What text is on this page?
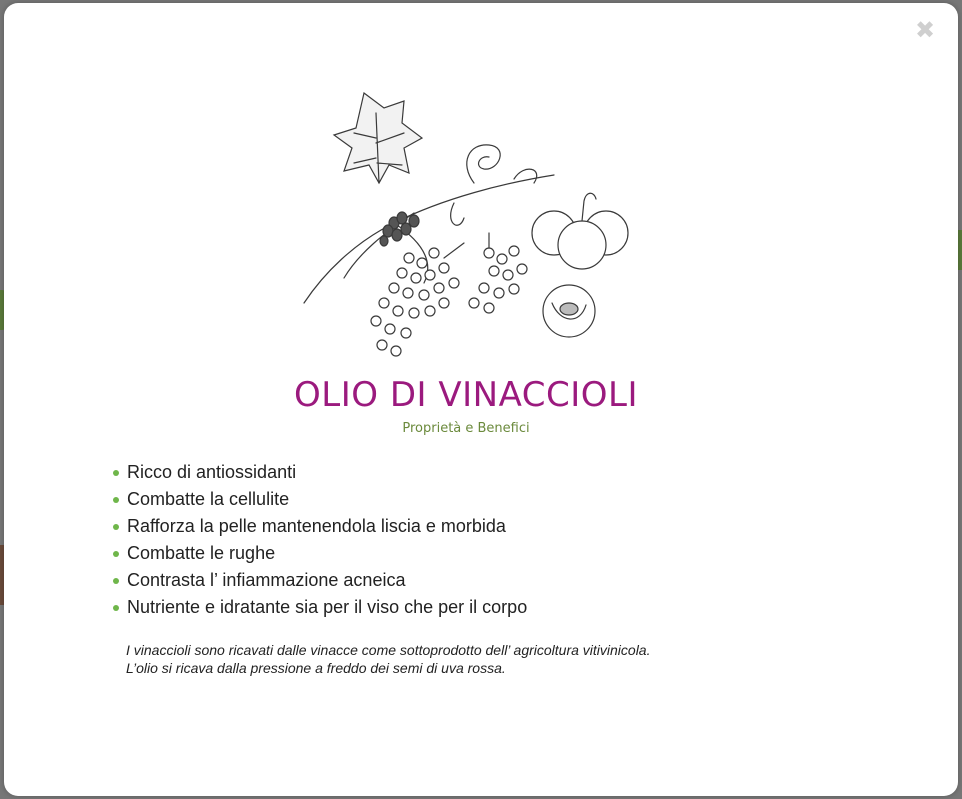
✖
OLIO DI VINACCIOLI
Proprietà e Benefici
Ricco di antiossidanti
Combatte la cellulite
Rafforza la pelle mantenendola liscia e morbida
Combatte le rughe
Contrasta l’ infiammazione acneica
Nutriente e idratante sia per il viso che per il corpo
I vinaccioli sono ricavati dalle vinacce come sottoprodotto dell’ agricoltura vitivinicola.
L’olio si ricava dalla pressione a freddo dei semi di uva rossa.
